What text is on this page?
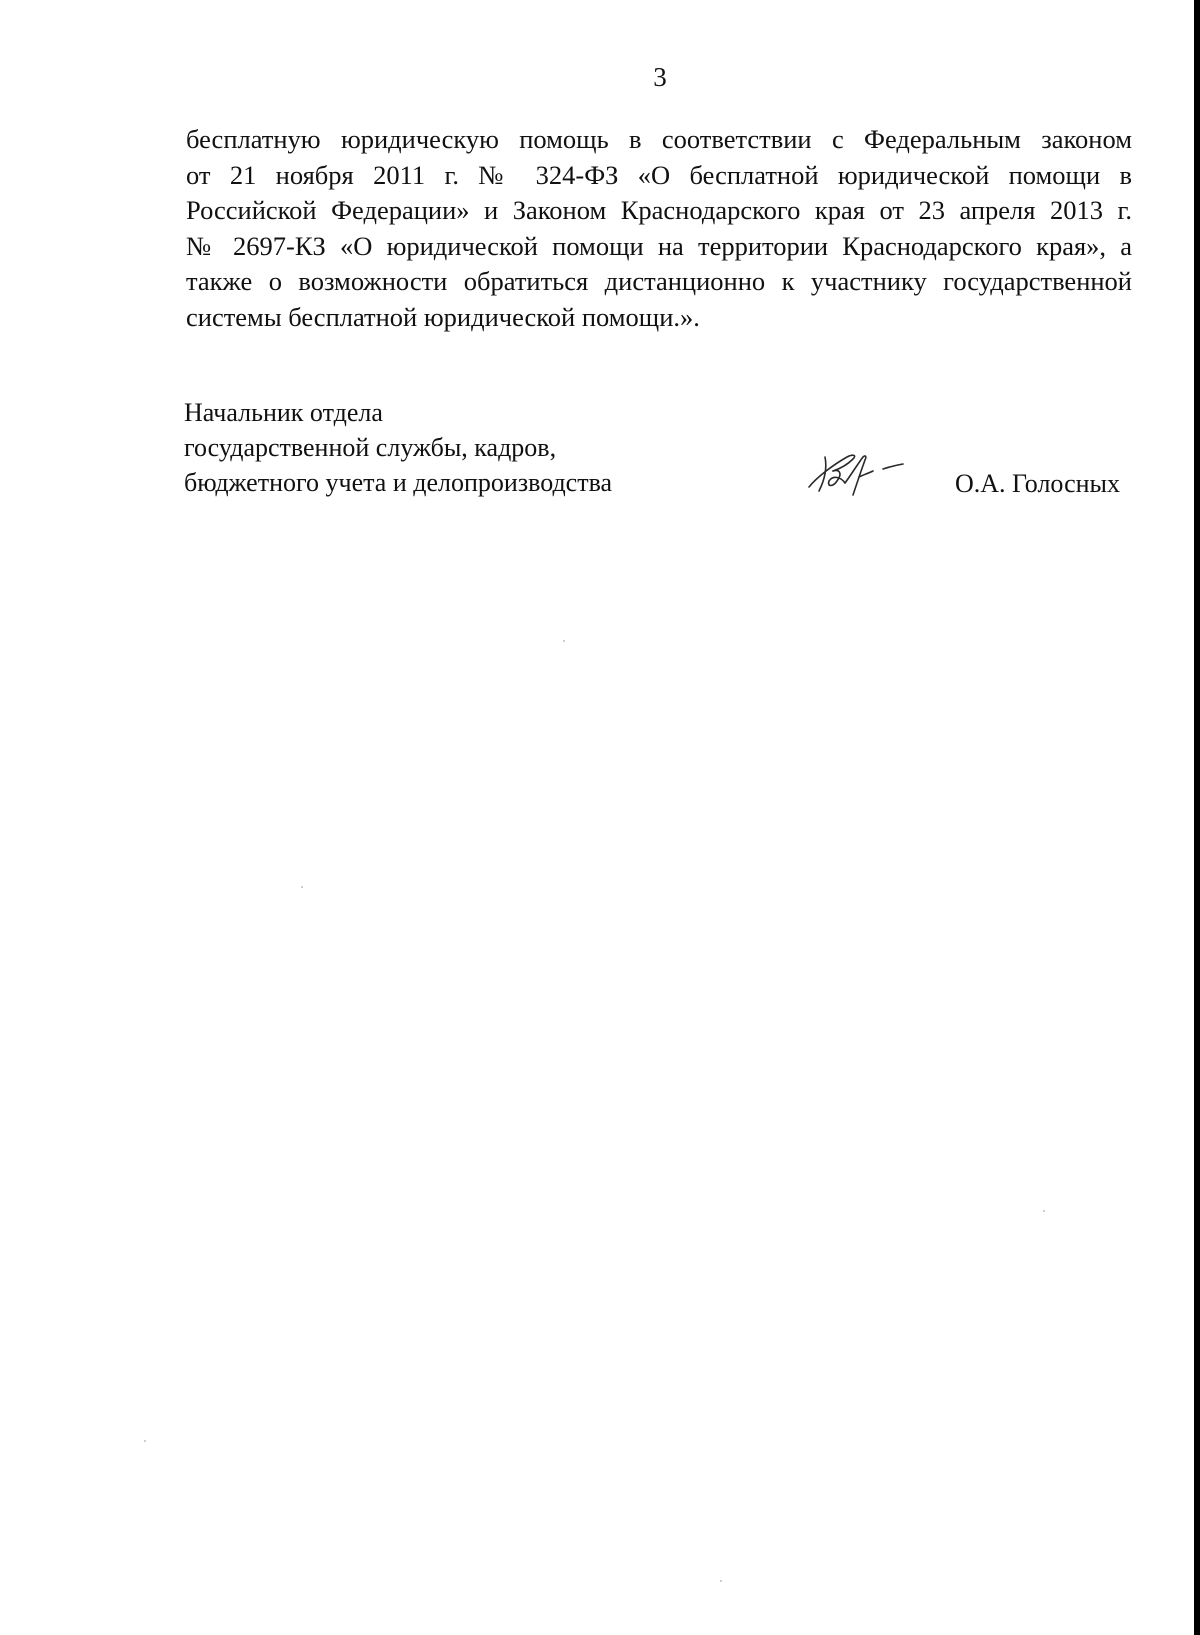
3
бесплатную юридическую помощь в соответствии с Федеральным законом
от 21 ноября 2011 г. № 324-ФЗ «О бесплатной юридической помощи в
Российской Федерации» и Законом Краснодарского края от 23 апреля 2013 г.
№ 2697-КЗ «О юридической помощи на территории Краснодарского края», а
также о возможности обратиться дистанционно к участнику государственной
системы бесплатной юридической помощи.».
Начальник отдела
государственной службы, кадров,
бюджетного учета и делопроизводства	О.А. Голосных
